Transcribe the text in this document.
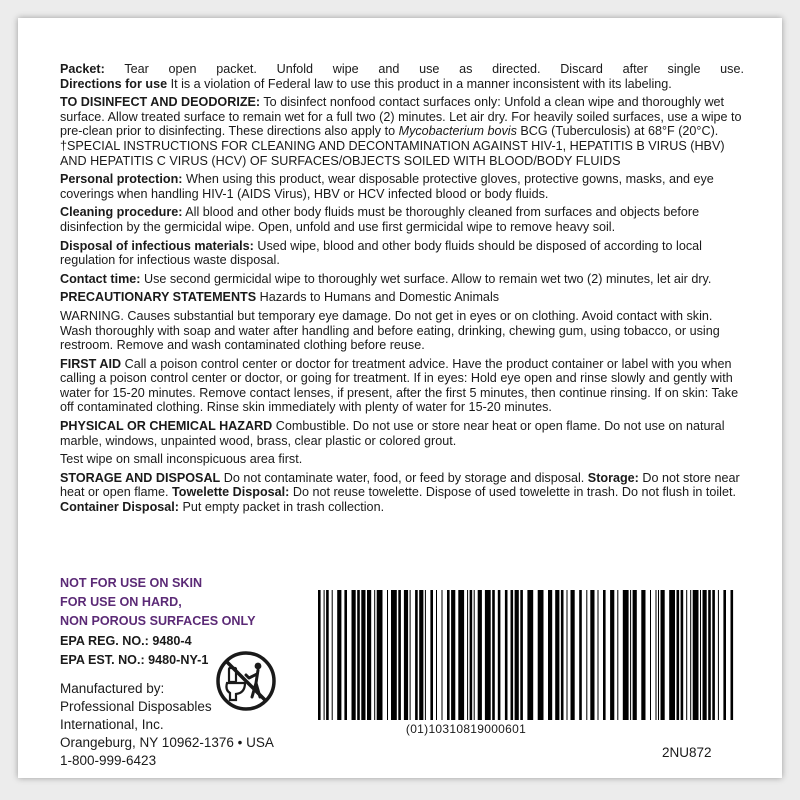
Packet: Tear open packet. Unfold wipe and use as directed. Discard after single use.

Directions for use It is a violation of Federal law to use this product in a manner inconsistent with its labeling.

TO DISINFECT AND DEODORIZE: To disinfect nonfood contact surfaces only: Unfold a clean wipe and thoroughly wet surface. Allow treated surface to remain wet for a full two (2) minutes. Let air dry. For heavily soiled surfaces, use a wipe to pre-clean prior to disinfecting. These directions also apply to Mycobacterium bovis BCG (Tuberculosis) at 68°F (20°C).

†SPECIAL INSTRUCTIONS FOR CLEANING AND DECONTAMINATION AGAINST HIV-1, HEPATITIS B VIRUS (HBV) AND HEPATITIS C VIRUS (HCV) OF SURFACES/OBJECTS SOILED WITH BLOOD/BODY FLUIDS

Personal protection: When using this product, wear disposable protective gloves, protective gowns, masks, and eye coverings when handling HIV-1 (AIDS Virus), HBV or HCV infected blood or body fluids.

Cleaning procedure: All blood and other body fluids must be thoroughly cleaned from surfaces and objects before disinfection by the germicidal wipe. Open, unfold and use first germicidal wipe to remove heavy soil.

Disposal of infectious materials: Used wipe, blood and other body fluids should be disposed of according to local regulation for infectious waste disposal.

Contact time: Use second germicidal wipe to thoroughly wet surface. Allow to remain wet two (2) minutes, let air dry.

PRECAUTIONARY STATEMENTS Hazards to Humans and Domestic Animals

WARNING. Causes substantial but temporary eye damage. Do not get in eyes or on clothing. Avoid contact with skin. Wash thoroughly with soap and water after handling and before eating, drinking, chewing gum, using tobacco, or using restroom. Remove and wash contaminated clothing before reuse.

FIRST AID Call a poison control center or doctor for treatment advice. Have the product container or label with you when calling a poison control center or doctor, or going for treatment. If in eyes: Hold eye open and rinse slowly and gently with water for 15-20 minutes. Remove contact lenses, if present, after the first 5 minutes, then continue rinsing. If on skin: Take off contaminated clothing. Rinse skin immediately with plenty of water for 15-20 minutes.

PHYSICAL OR CHEMICAL HAZARD Combustible. Do not use or store near heat or open flame. Do not use on natural marble, windows, unpainted wood, brass, clear plastic or colored grout.

Test wipe on small inconspicuous area first.

STORAGE AND DISPOSAL Do not contaminate water, food, or feed by storage and disposal. Storage: Do not store near heat or open flame. Towelette Disposal: Do not reuse towelette. Dispose of used towelette in trash. Do not flush in toilet. Container Disposal: Put empty packet in trash collection.

NOT FOR USE ON SKIN
FOR USE ON HARD,
NON POROUS SURFACES ONLY
EPA REG. NO.: 9480-4
EPA EST. NO.: 9480-NY-1
Manufactured by:
Professional Disposables
International, Inc.
Orangeburg, NY 10962-1376 • USA
1-800-999-6423
(01)10310819000601
2NU872
